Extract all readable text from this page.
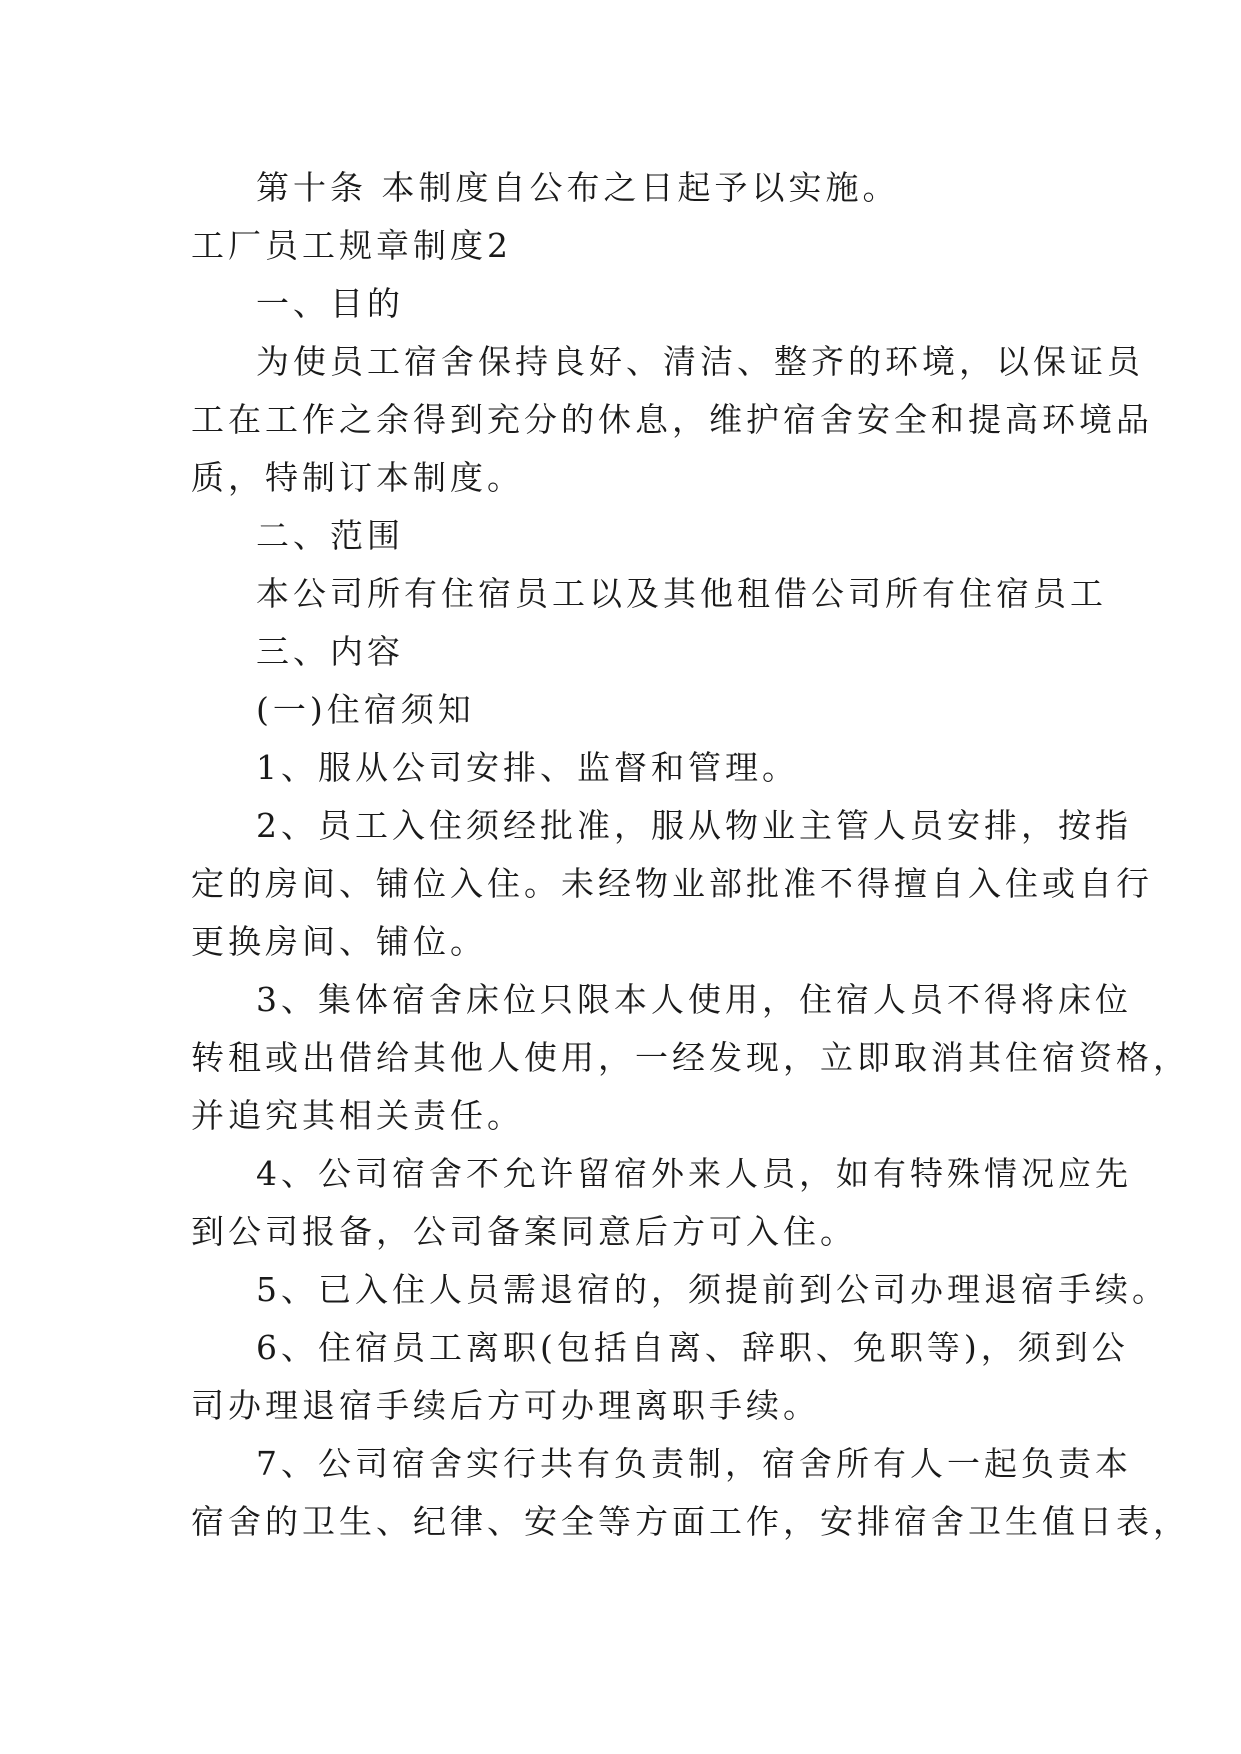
第十条 本制度自公布之日起予以实施。
工厂员工规章制度2
一、目的
为使员工宿舍保持良好、清洁、整齐的环境，以保证员
工在工作之余得到充分的休息，维护宿舍安全和提高环境品
质，特制订本制度。
二、范围
本公司所有住宿员工以及其他租借公司所有住宿员工
三、内容
(一)住宿须知
1、服从公司安排、监督和管理。
2、员工入住须经批准，服从物业主管人员安排，按指
定的房间、铺位入住。未经物业部批准不得擅自入住或自行
更换房间、铺位。
3、集体宿舍床位只限本人使用，住宿人员不得将床位
转租或出借给其他人使用，一经发现，立即取消其住宿资格，
并追究其相关责任。
4、公司宿舍不允许留宿外来人员，如有特殊情况应先
到公司报备，公司备案同意后方可入住。
5、已入住人员需退宿的，须提前到公司办理退宿手续。
6、住宿员工离职(包括自离、辞职、免职等)，须到公
司办理退宿手续后方可办理离职手续。
7、公司宿舍实行共有负责制，宿舍所有人一起负责本
宿舍的卫生、纪律、安全等方面工作，安排宿舍卫生值日表，
